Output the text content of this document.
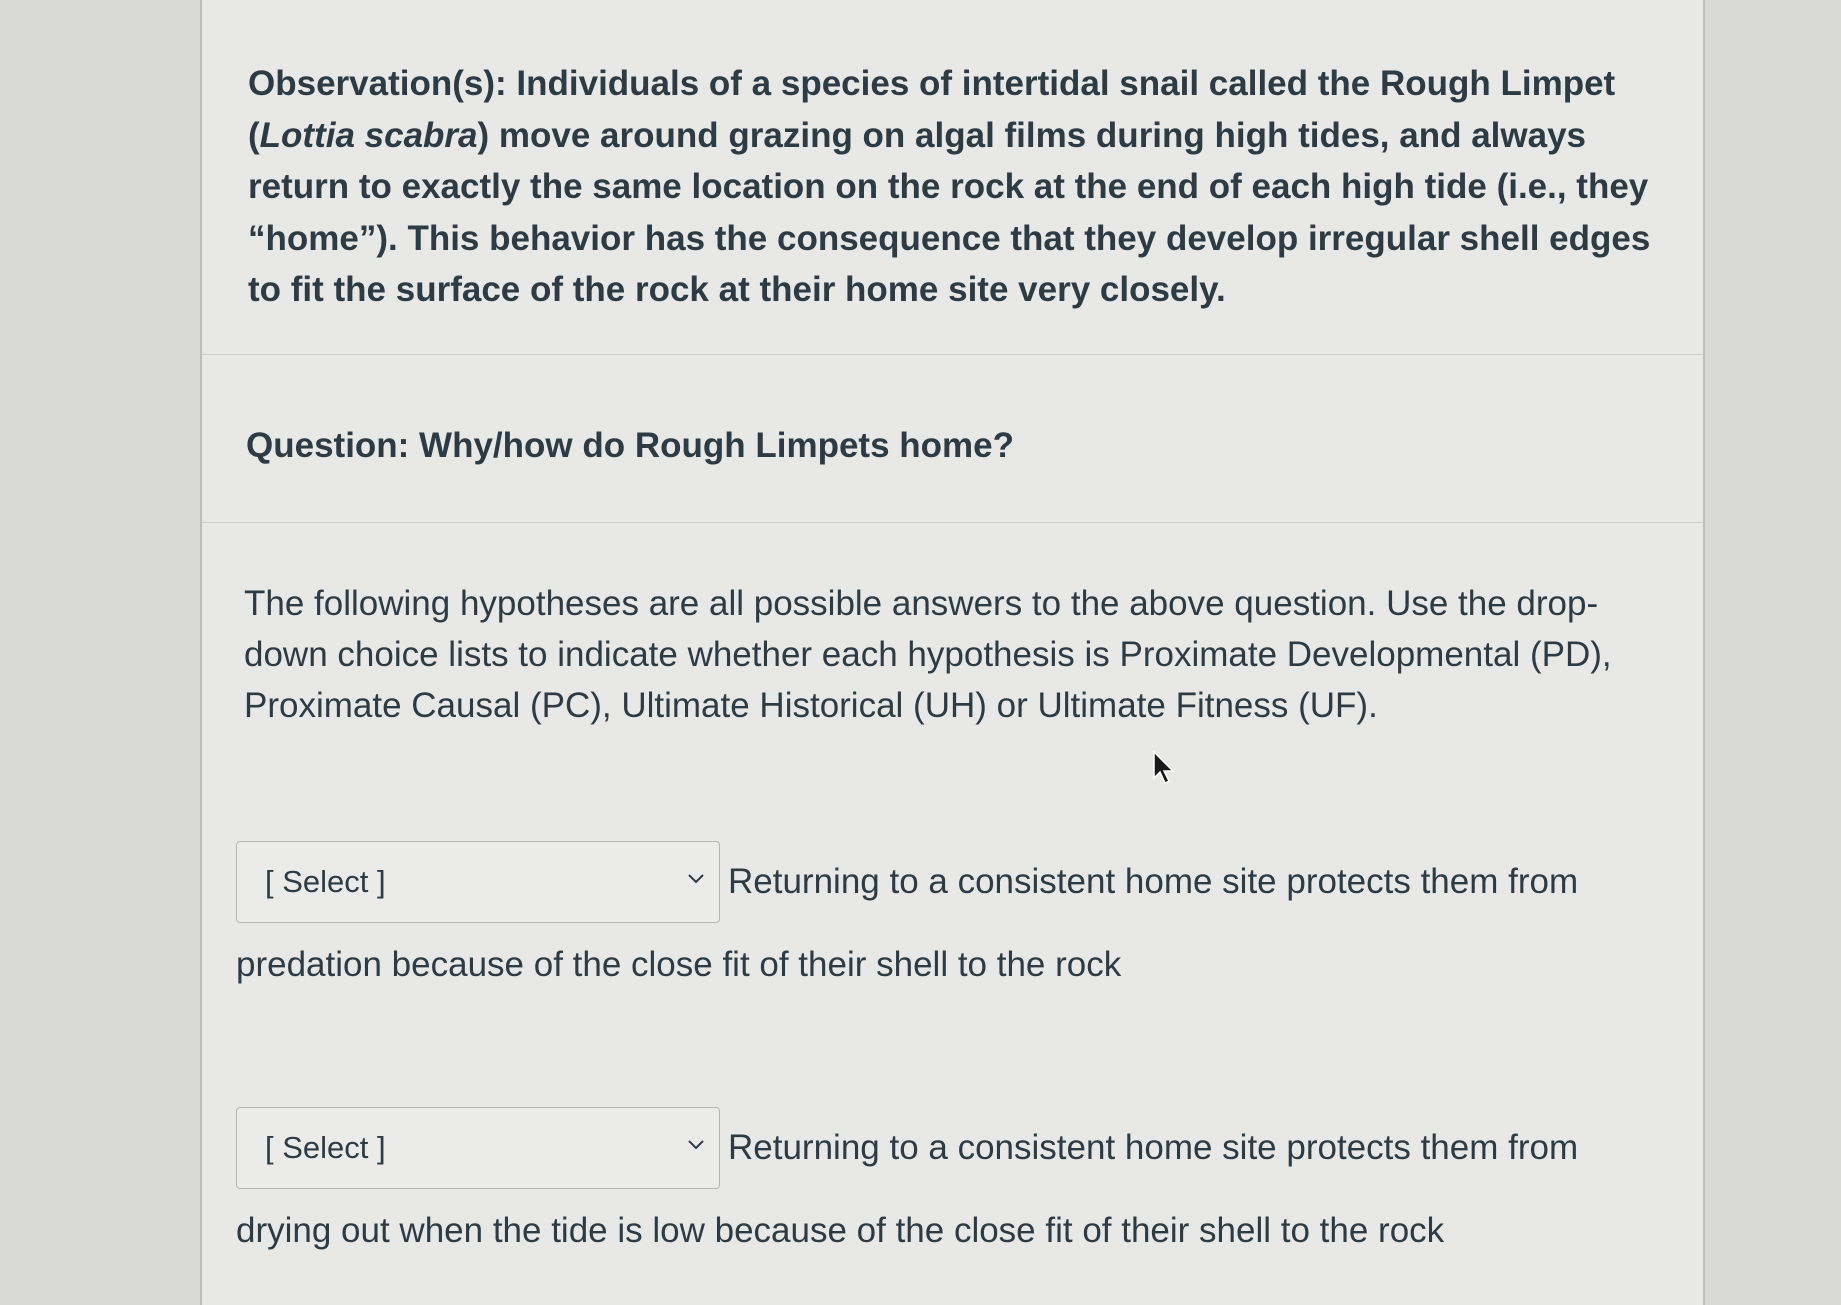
Observation(s): Individuals of a species of intertidal snail called the Rough Limpet (Lottia scabra) move around grazing on algal films during high tides, and always return to exactly the same location on the rock at the end of each high tide (i.e., they “home”). This behavior has the consequence that they develop irregular shell edges to fit the surface of the rock at their home site very closely.

Question: Why/how do Rough Limpets home?

The following hypotheses are all possible answers to the above question. Use the drop-down choice lists to indicate whether each hypothesis is Proximate Developmental (PD), Proximate Causal (PC), Ultimate Historical (UH) or Ultimate Fitness (UF).

[ Select ]	Returning to a consistent home site protects them from predation because of the close fit of their shell to the rock

[ Select ]	Returning to a consistent home site protects them from drying out when the tide is low because of the close fit of their shell to the rock
